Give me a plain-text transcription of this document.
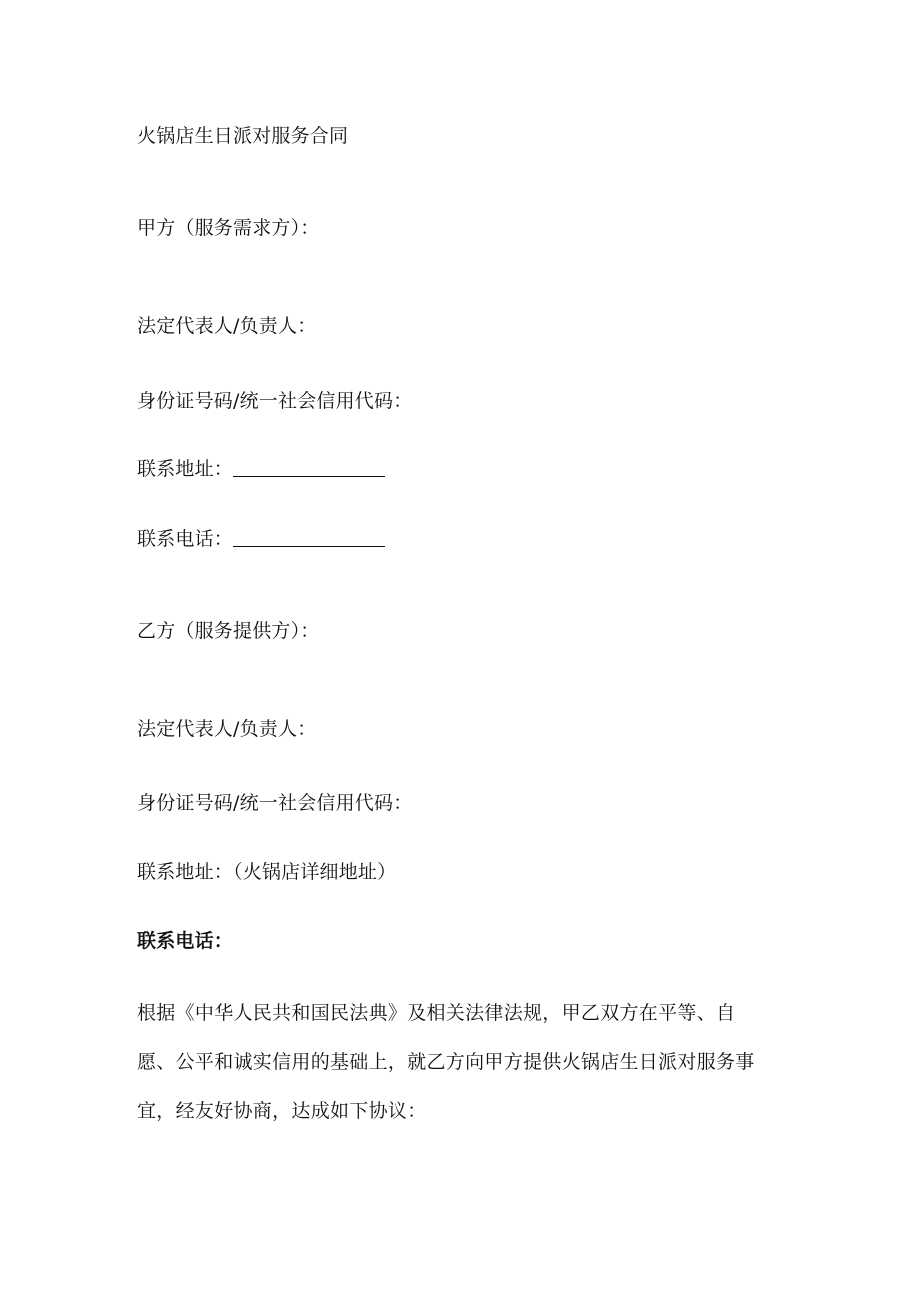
火锅店生日派对服务合同
甲方（服务需求方）：
法定代表人/负责人：
身份证号码/统一社会信用代码：
联系地址：
联系电话：
乙方（服务提供方）：
法定代表人/负责人：
身份证号码/统一社会信用代码：
联系地址：（火锅店详细地址）
联系电话：
根据《中华人民共和国民法典》及相关法律法规，甲乙双方在平等、自
愿、公平和诚实信用的基础上，就乙方向甲方提供火锅店生日派对服务事
宜，经友好协商，达成如下协议：
